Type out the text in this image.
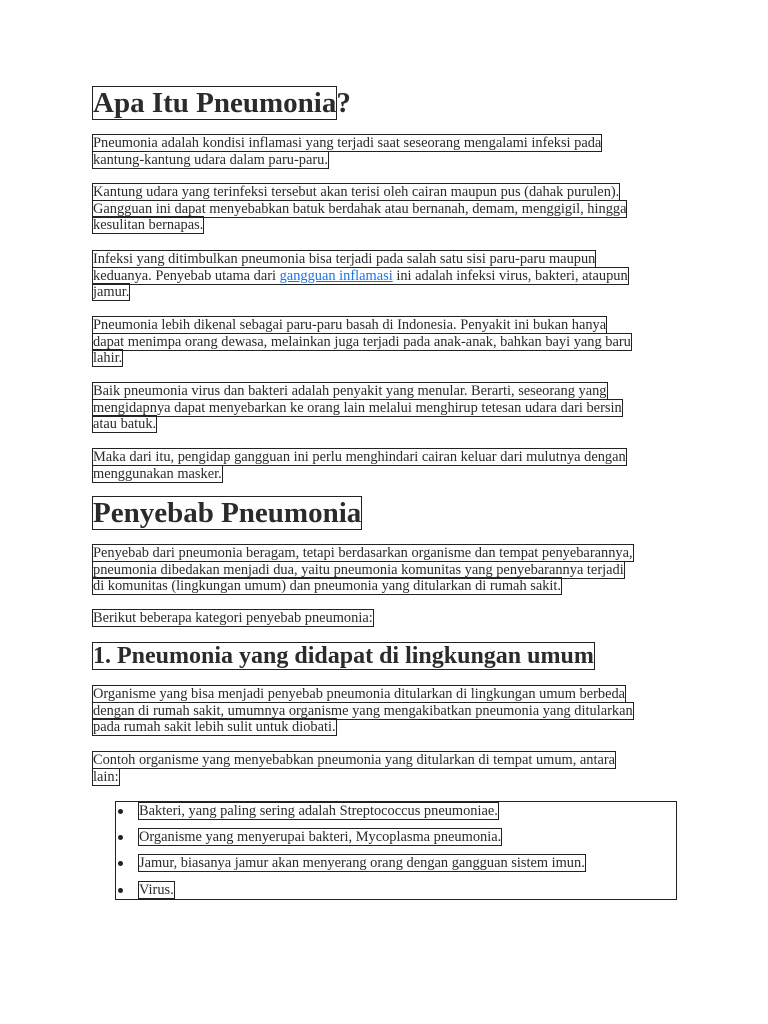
Apa Itu Pneumonia?

Pneumonia adalah kondisi inflamasi yang terjadi saat seseorang mengalami infeksi pada
kantung-kantung udara dalam paru-paru.

Kantung udara yang terinfeksi tersebut akan terisi oleh cairan maupun pus (dahak purulen).
Gangguan ini dapat menyebabkan batuk berdahak atau bernanah, demam, menggigil, hingga
kesulitan bernapas.

Infeksi yang ditimbulkan pneumonia bisa terjadi pada salah satu sisi paru-paru maupun
keduanya. Penyebab utama dari gangguan inflamasi ini adalah infeksi virus, bakteri, ataupun
jamur.

Pneumonia lebih dikenal sebagai paru-paru basah di Indonesia. Penyakit ini bukan hanya
dapat menimpa orang dewasa, melainkan juga terjadi pada anak-anak, bahkan bayi yang baru
lahir.

Baik pneumonia virus dan bakteri adalah penyakit yang menular. Berarti, seseorang yang
mengidapnya dapat menyebarkan ke orang lain melalui menghirup tetesan udara dari bersin
atau batuk.

Maka dari itu, pengidap gangguan ini perlu menghindari cairan keluar dari mulutnya dengan
menggunakan masker.

Penyebab Pneumonia

Penyebab dari pneumonia beragam, tetapi berdasarkan organisme dan tempat penyebarannya,
pneumonia dibedakan menjadi dua, yaitu pneumonia komunitas yang penyebarannya terjadi
di komunitas (lingkungan umum) dan pneumonia yang ditularkan di rumah sakit.

Berikut beberapa kategori penyebab pneumonia:

1. Pneumonia yang didapat di lingkungan umum

Organisme yang bisa menjadi penyebab pneumonia ditularkan di lingkungan umum berbeda
dengan di rumah sakit, umumnya organisme yang mengakibatkan pneumonia yang ditularkan
pada rumah sakit lebih sulit untuk diobati.

Contoh organisme yang menyebabkan pneumonia yang ditularkan di tempat umum, antara
lain:

Bakteri, yang paling sering adalah Streptococcus pneumoniae.
Organisme yang menyerupai bakteri, Mycoplasma pneumonia.
Jamur, biasanya jamur akan menyerang orang dengan gangguan sistem imun.
Virus.
